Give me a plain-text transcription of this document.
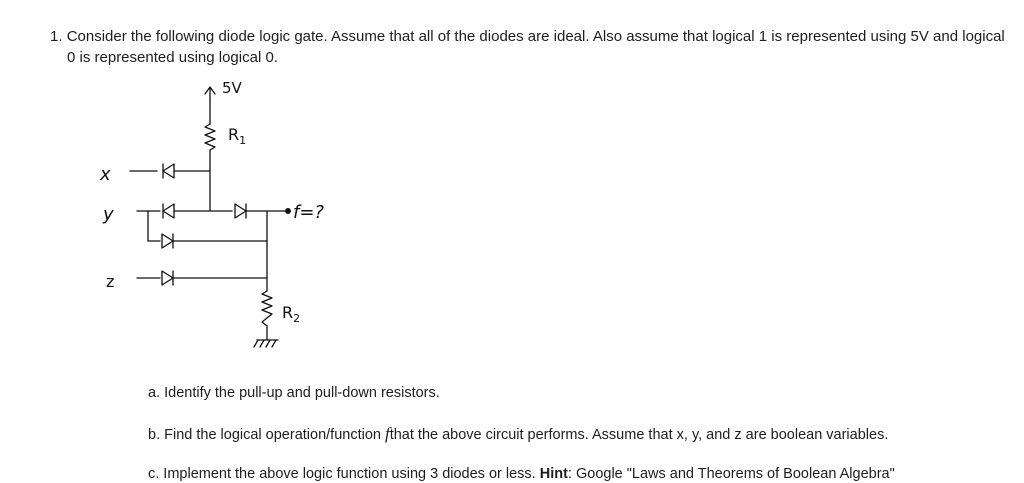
1. Consider the following diode logic gate. Assume that all of the diodes are ideal. Also assume that logical 1 is represented using 5V and logical
0 is represented using logical 0.
5V
$R_1$
x
y
z
f=?
$R_2$
a. Identify the pull-up and pull-down resistors.
b. Find the logical operation/function fthat the above circuit performs. Assume that x, y, and z are boolean variables.
c. Implement the above logic function using 3 diodes or less. Hint: Google "Laws and Theorems of Boolean Algebra"
